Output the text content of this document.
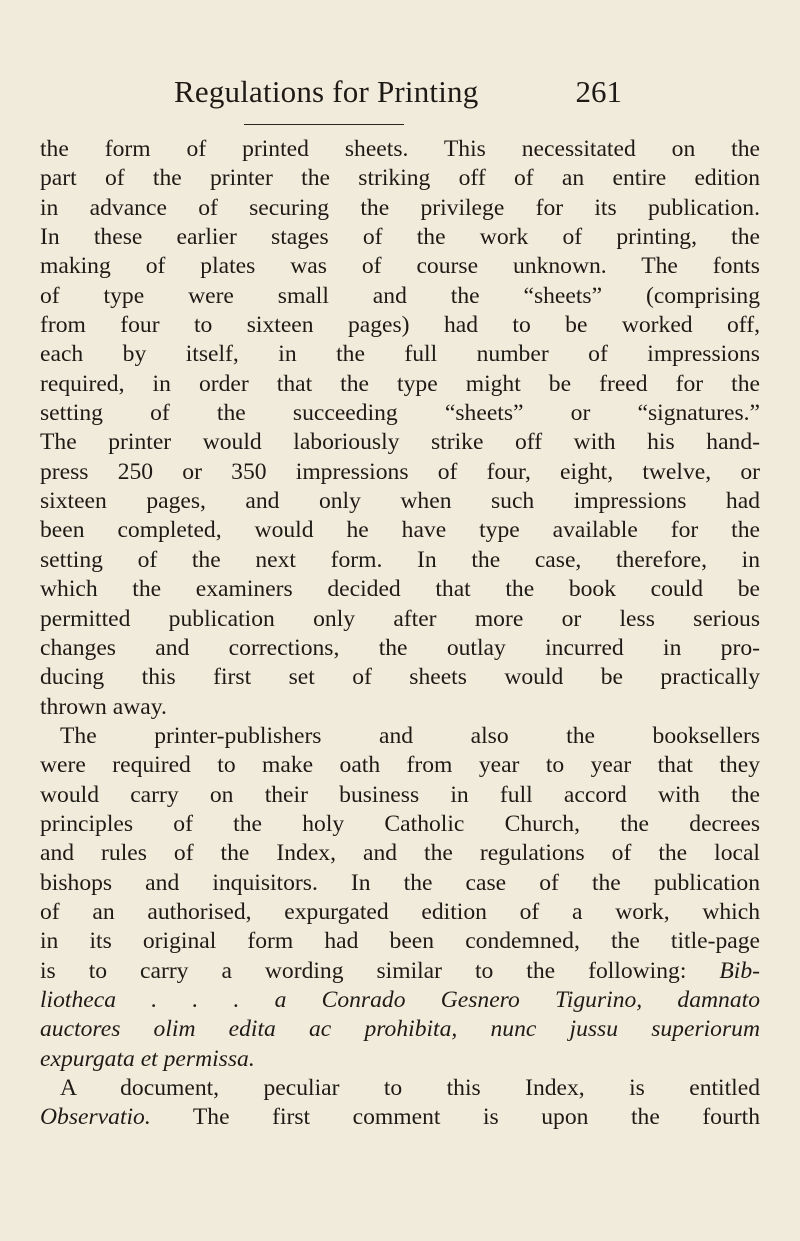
Regulations for Printing	261
the form of printed sheets. This necessitated on the
part of the printer the striking off of an entire edition
in advance of securing the privilege for its publication.
In these earlier stages of the work of printing, the
making of plates was of course unknown. The fonts
of type were small and the “sheets” (comprising
from four to sixteen pages) had to be worked off,
each by itself, in the full number of impressions
required, in order that the type might be freed for the
setting of the succeeding “sheets” or “signatures.”
The printer would laboriously strike off with his hand-
press 250 or 350 impressions of four, eight, twelve, or
sixteen pages, and only when such impressions had
been completed, would he have type available for the
setting of the next form. In the case, therefore, in
which the examiners decided that the book could be
permitted publication only after more or less serious
changes and corrections, the outlay incurred in pro-
ducing this first set of sheets would be practically
thrown away.
The printer-publishers and also the booksellers
were required to make oath from year to year that they
would carry on their business in full accord with the
principles of the holy Catholic Church, the decrees
and rules of the Index, and the regulations of the local
bishops and inquisitors. In the case of the publication
of an authorised, expurgated edition of a work, which
in its original form had been condemned, the title-page
is to carry a wording similar to the following: Bib-
liotheca . . . a Conrado Gesnero Tigurino, damnato
auctores olim edita ac prohibita, nunc jussu superiorum
expurgata et permissa.
A document, peculiar to this Index, is entitled
Observatio. The first comment is upon the fourth
